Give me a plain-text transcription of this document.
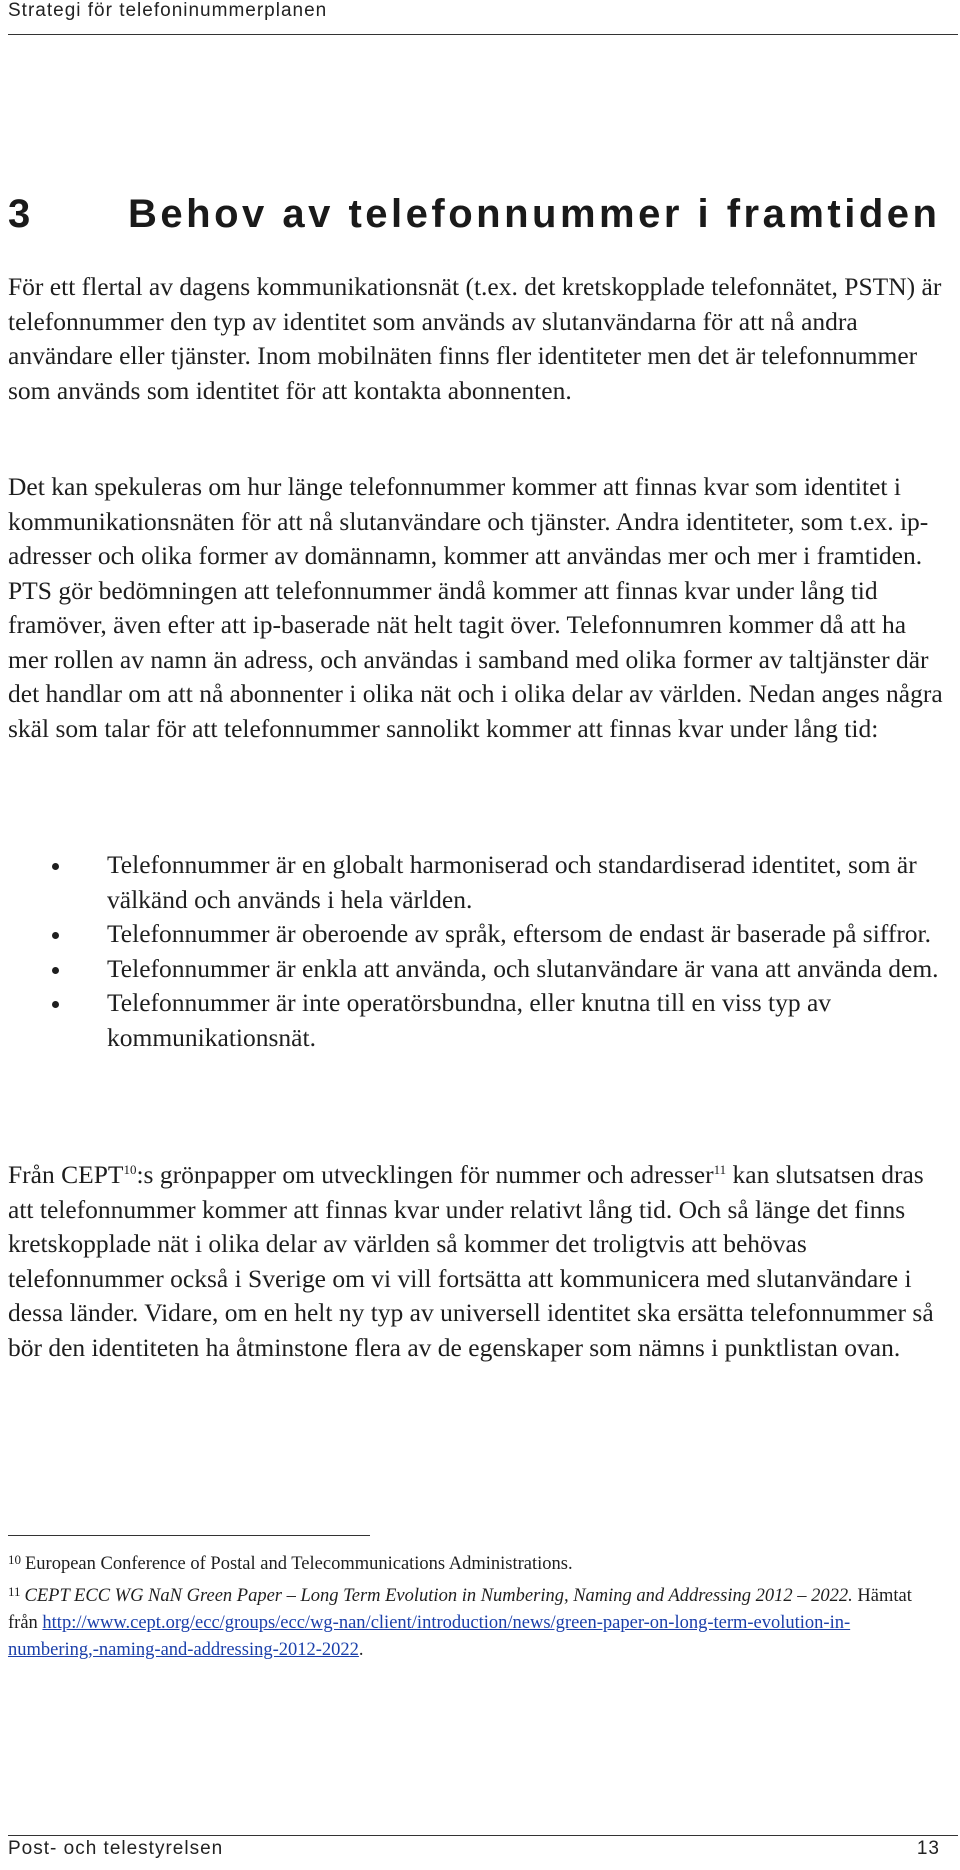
Strategi för telefoninummerplanen
3 Behov av telefonnummer i framtiden

För ett flertal av dagens kommunikationsnät (t.ex. det kretskopplade telefonnätet, PSTN) är telefonnummer den typ av identitet som används av slutanvändarna för att nå andra användare eller tjänster. Inom mobilnäten finns fler identiteter men det är telefonnummer som används som identitet för att kontakta abonnenten.

Det kan spekuleras om hur länge telefonnummer kommer att finnas kvar som identitet i kommunikationsnäten för att nå slutanvändare och tjänster. Andra identiteter, som t.ex. ip-adresser och olika former av domännamn, kommer att användas mer och mer i framtiden. PTS gör bedömningen att telefonnummer ändå kommer att finnas kvar under lång tid framöver, även efter att ip-baserade nät helt tagit över. Telefonnumren kommer då att ha mer rollen av namn än adress, och användas i samband med olika former av taltjänster där det handlar om att nå abonnenter i olika nät och i olika delar av världen. Nedan anges några skäl som talar för att telefonnummer sannolikt kommer att finnas kvar under lång tid:

Telefonnummer är en globalt harmoniserad och standardiserad identitet, som är välkänd och används i hela världen.
Telefonnummer är oberoende av språk, eftersom de endast är baserade på siffror.
Telefonnummer är enkla att använda, och slutanvändare är vana att använda dem.
Telefonnummer är inte operatörsbundna, eller knutna till en viss typ av kommunikationsnät.

Från CEPT$^{10}$:s grönpapper om utvecklingen för nummer och adresser$^{11}$ kan slutsatsen dras att telefonnummer kommer att finnas kvar under relativt lång tid. Och så länge det finns kretskopplade nät i olika delar av världen så kommer det troligtvis att behövas telefonnummer också i Sverige om vi vill fortsätta att kommunicera med slutanvändare i dessa länder. Vidare, om en helt ny typ av universell identitet ska ersätta telefonnummer så bör den identiteten ha åtminstone flera av de egenskaper som nämns i punktlistan ovan.

$^{10}$ European Conference of Postal and Telecommunications Administrations.

$^{11}$ CEPT ECC WG NaN Green Paper – Long Term Evolution in Numbering, Naming and Addressing 2012 – 2022. Hämtat från http://www.cept.org/ecc/groups/ecc/wg-nan/client/introduction/news/green-paper-on-long-term-evolution-in-numbering,-naming-and-addressing-2012-2022.

Post- och telestyrelsen	13
